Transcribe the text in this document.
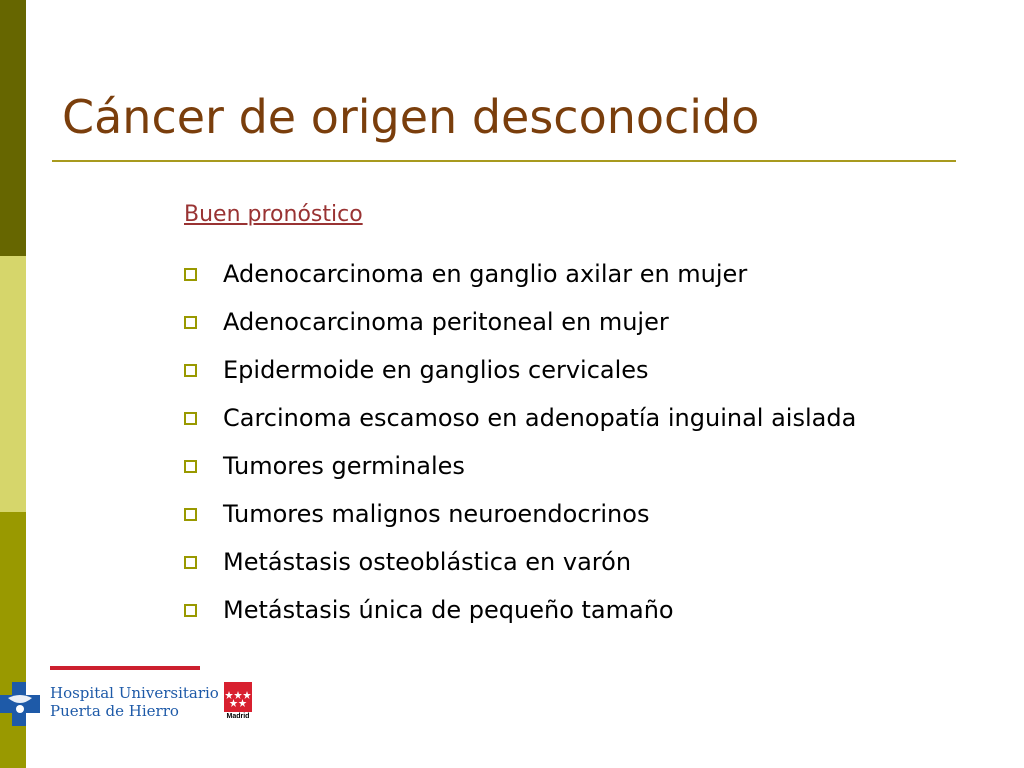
Cáncer de origen desconocido
Buen pronóstico
Adenocarcinoma en ganglio axilar en mujer
Adenocarcinoma peritoneal en mujer
Epidermoide en ganglios cervicales
Carcinoma escamoso en adenopatía inguinal aislada
Tumores germinales
Tumores malignos neuroendocrinos
Metástasis osteoblástica en varón
Metástasis única de pequeño tamaño
Hospital Universitario
Puerta de Hierro	Madrid
